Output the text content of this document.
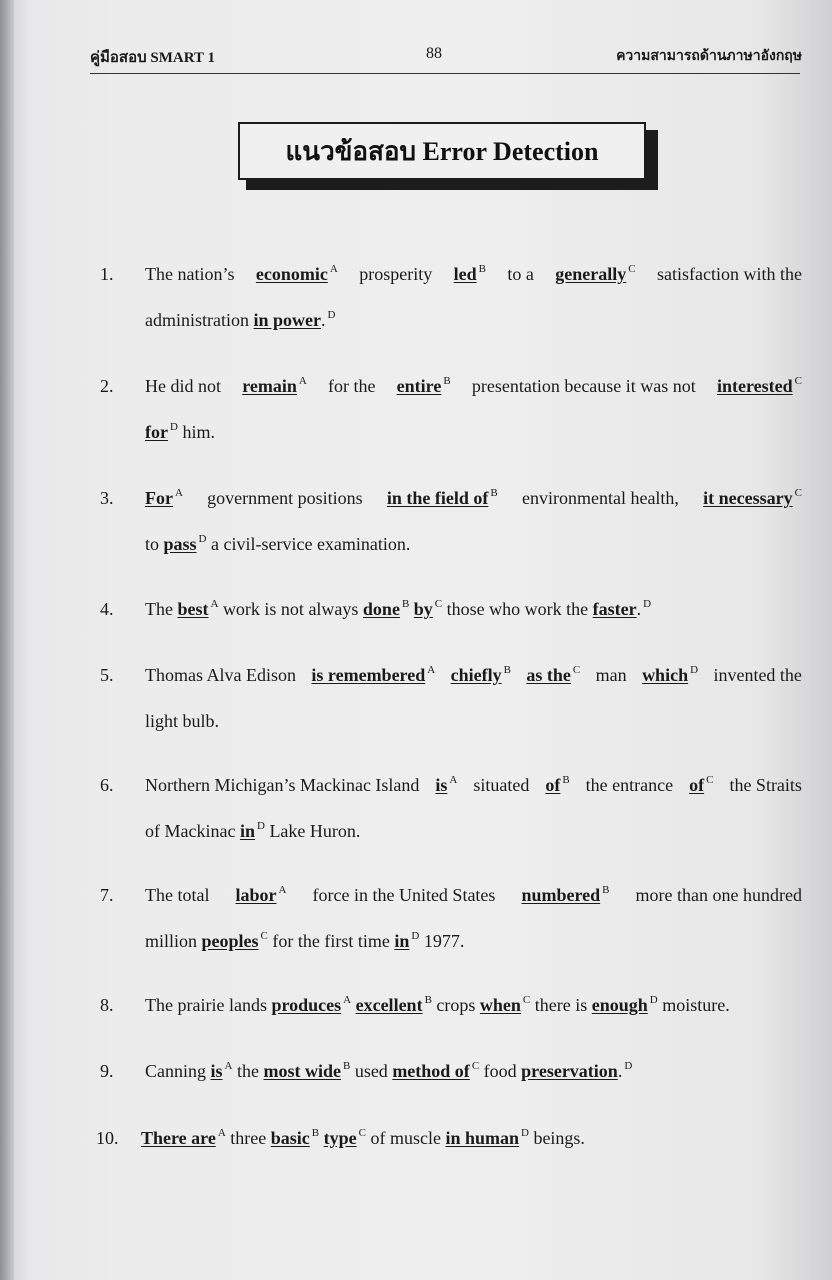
คู่มือสอบ SMART 1	88	ความสามารถด้านภาษาอังกฤษ
แนวข้อสอบ Error Detection
1. The nation’s economic $^A$ prosperity led $^B$ to a generally $^C$ satisfaction with the
administration in power. $^D$
2. He did not remain $^A$ for the entire $^B$ presentation because it was not interested $^C$
for $^D$ him.
3. For $^A$ government positions in the field of $^B$ environmental health, it necessary $^C$
to pass $^D$ a civil-service examination.
4. The best $^A$ work is not always done $^B$ by $^C$ those who work the faster. $^D$
5. Thomas Alva Edison is remembered $^A$ chiefly $^B$ as the $^C$ man which $^D$ invented the
light bulb.
6. Northern Michigan’s Mackinac Island is $^A$ situated of $^B$ the entrance of $^C$ the Straits
of Mackinac in $^D$ Lake Huron.
7. The total labor $^A$ force in the United States numbered $^B$ more than one hundred
million peoples $^C$ for the first time in $^D$ 1977.
8. The prairie lands produces $^A$ excellent $^B$ crops when $^C$ there is enough $^D$ moisture.
9. Canning is $^A$ the most wide $^B$ used method of $^C$ food preservation. $^D$
10. There are $^A$ three basic $^B$ type $^C$ of muscle in human $^D$ beings.
